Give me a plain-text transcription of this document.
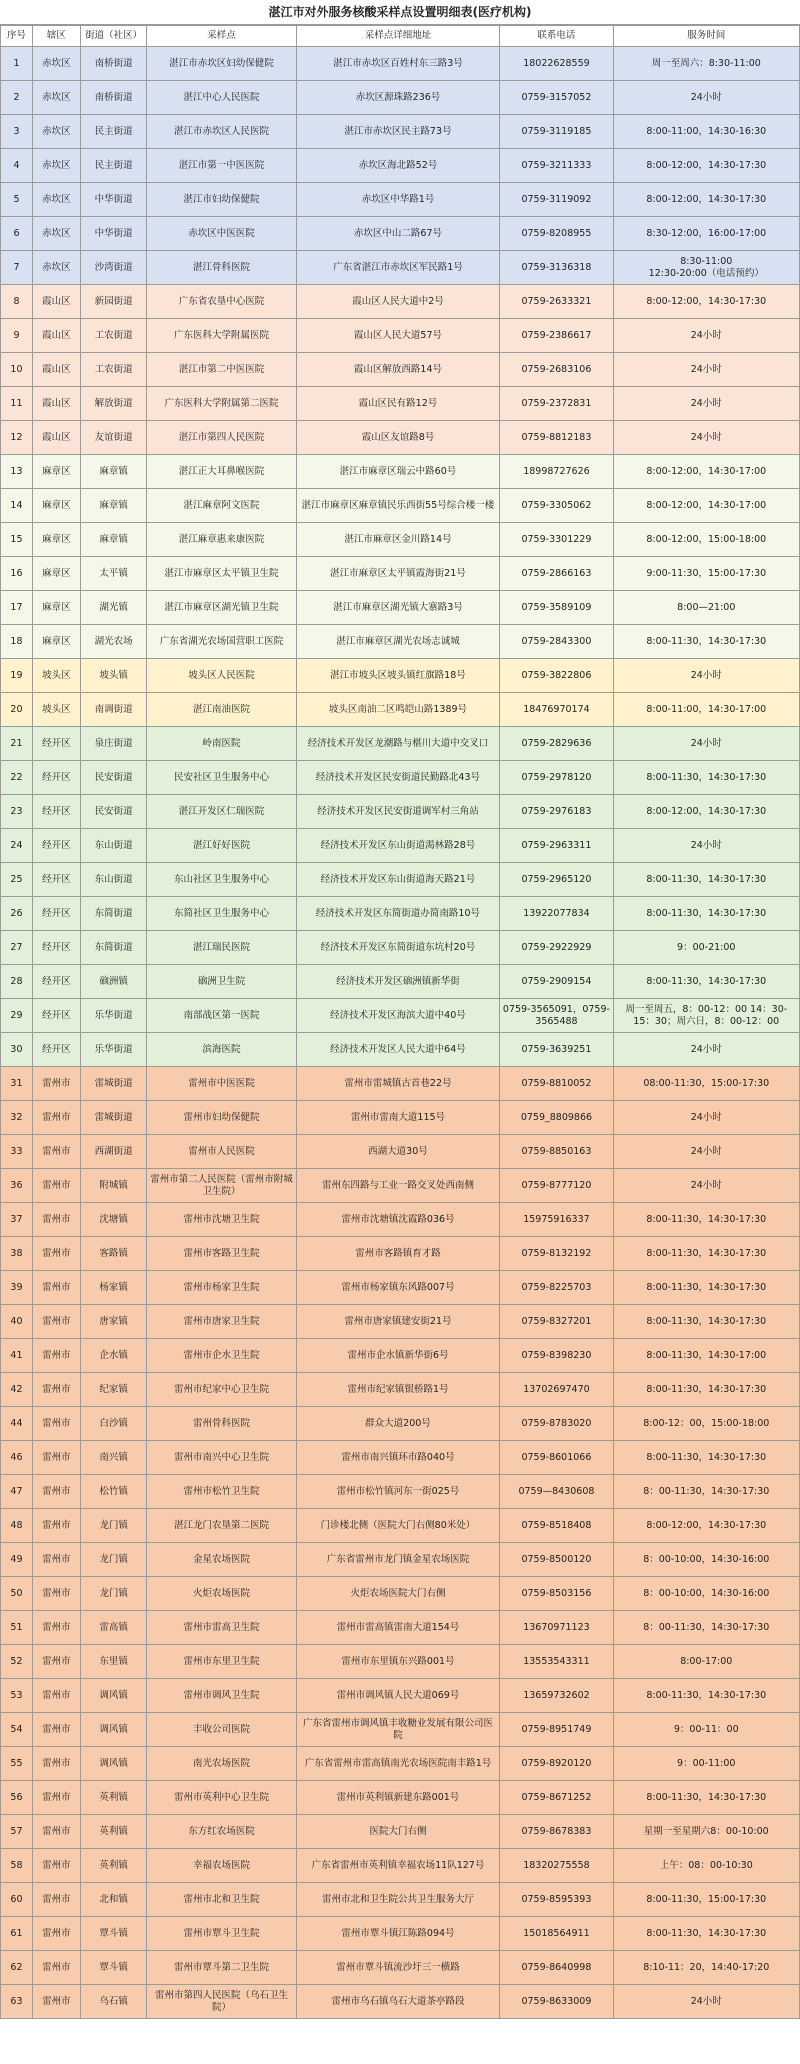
湛江市对外服务核酸采样点设置明细表(医疗机构)
序号	辖区	街道（社区）	采样点	采样点详细地址	联系电话	服务时间
1	赤坎区	南桥街道	湛江市赤坎区妇幼保健院	湛江市赤坎区百姓村东三路3号	18022628559	周一至周六：8:30-11:00
2	赤坎区	南桥街道	湛江中心人民医院	赤坎区源珠路236号	0759-3157052	24小时
3	赤坎区	民主街道	湛江市赤坎区人民医院	湛江市赤坎区民主路73号	0759-3119185	8:00-11:00，14:30-16:30
4	赤坎区	民主街道	湛江市第一中医医院	赤坎区海北路52号	0759-3211333	8:00-12:00，14:30-17:30
5	赤坎区	中华街道	湛江市妇幼保健院	赤坎区中华路1号	0759-3119092	8:00-12:00，14:30-17:30
6	赤坎区	中华街道	赤坎区中医医院	赤坎区中山二路67号	0759-8208955	8:30-12:00，16:00-17:00
7	赤坎区	沙湾街道	湛江骨科医院	广东省湛江市赤坎区军民路1号	0759-3136318	8:30-11:00
12:30-20:00（电话预约）
8	霞山区	新园街道	广东省农垦中心医院	霞山区人民大道中2号	0759-2633321	8:00-12:00，14:30-17:30
9	霞山区	工农街道	广东医科大学附属医院	霞山区人民大道57号	0759-2386617	24小时
10	霞山区	工农街道	湛江市第二中医医院	霞山区解放西路14号	0759-2683106	24小时
11	霞山区	解放街道	广东医科大学附属第二医院	霞山区民有路12号	0759-2372831	24小时
12	霞山区	友谊街道	湛江市第四人民医院	霞山区友谊路8号	0759-8812183	24小时
13	麻章区	麻章镇	湛江正大耳鼻喉医院	湛江市麻章区瑞云中路60号	18998727626	8:00-12:00，14:30-17:00
14	麻章区	麻章镇	湛江麻章阿文医院	湛江市麻章区麻章镇民乐西街55号综合楼一楼	0759-3305062	8:00-12:00，14:30-17:00
15	麻章区	麻章镇	湛江麻章惠来康医院	湛江市麻章区金川路14号	0759-3301229	8:00-12:00，15:00-18:00
16	麻章区	太平镇	湛江市麻章区太平镇卫生院	湛江市麻章区太平镇霞海街21号	0759-2866163	9:00-11:30，15:00-17:30
17	麻章区	湖光镇	湛江市麻章区湖光镇卫生院	湛江市麻章区湖光镇大寨路3号	0759-3589109	8:00—21:00
18	麻章区	湖光农场	广东省湖光农场国营职工医院	湛江市麻章区湖光农场志诚城	0759-2843300	8:00-11:30，14:30-17:30
19	坡头区	坡头镇	坡头区人民医院	湛江市坡头区坡头镇红旗路18号	0759-3822806	24小时
20	坡头区	南调街道	湛江南油医院	坡头区南油二区鸣皑山路1389号	18476970174	8:00-11:00，14:30-17:00
21	经开区	泉庄街道	岭南医院	经济技术开发区龙潮路与椹川大道中交叉口	0759-2829636	24小时
22	经开区	民安街道	民安社区卫生服务中心	经济技术开发区民安街道民勤路北43号	0759-2978120	8:00-11:30，14:30-17:30
23	经开区	民安街道	湛江开发区仁瑞医院	经济技术开发区民安街道调军村三角站	0759-2976183	8:00-12:00，14:30-17:30
24	经开区	东山街道	湛江好好医院	经济技术开发区东山街道渴林路28号	0759-2963311	24小时
25	经开区	东山街道	东山社区卫生服务中心	经济技术开发区东山街道海天路21号	0759-2965120	8:00-11:30，14:30-17:30
26	经开区	东简街道	东简社区卫生服务中心	经济技术开发区东简街道办简南路10号	13922077834	8:00-11:30，14:30-17:30
27	经开区	东简街道	湛江瑞民医院	经济技术开发区东简街道东坑村20号	0759-2922929	9：00-21:00
28	经开区	硇洲镇	硇洲卫生院	经济技术开发区硇洲镇新华街	0759-2909154	8:00-11:30，14:30-17:30
29	经开区	乐华街道	南部战区第一医院	经济技术开发区海滨大道中40号	0759-3565091，0759-3565488	周一至周五，8：00-12：00 14：30-15：30；周六日，8：00-12：00
30	经开区	乐华街道	滨海医院	经济技术开发区人民大道中64号	0759-3639251	24小时
31	雷州市	雷城街道	雷州市中医医院	雷州市雷城镇古首巷22号	0759-8810052	08:00-11:30，15:00-17:30
32	雷州市	雷城街道	雷州市妇幼保健院	雷州市雷南大道115号	0759_8809866	24小时
33	雷州市	西湖街道	雷州市人民医院	西湖大道30号	0759-8850163	24小时
36	雷州市	附城镇	雷州市第二人民医院（雷州市附城卫生院）	雷州东四路与工业一路交叉处西南侧	0759-8777120	24小时
37	雷州市	沈塘镇	雷州市沈塘卫生院	雷州市沈塘镇沈霞路036号	15975916337	8:00-11:30，14:30-17:30
38	雷州市	客路镇	雷州市客路卫生院	雷州市客路镇育才路	0759-8132192	8:00-11:30，14:30-17:30
39	雷州市	杨家镇	雷州市杨家卫生院	雷州市杨家镇东风路007号	0759-8225703	8:00-11:30，14:30-17:30
40	雷州市	唐家镇	雷州市唐家卫生院	雷州市唐家镇建安街21号	0759-8327201	8:00-11:30，14:30-17:30
41	雷州市	企水镇	雷州市企水卫生院	雷州市企水镇新华街6号	0759-8398230	8:00-11:30，14:30-17:00
42	雷州市	纪家镇	雷州市纪家中心卫生院	雷州市纪家镇银桥路1号	13702697470	8:00-11:30，14:30-17:30
44	雷州市	白沙镇	雷州骨科医院	群众大道200号	0759-8783020	8:00-12：00，15:00-18:00
46	雷州市	南兴镇	雷州市南兴中心卫生院	雷州市南兴镇环市路040号	0759-8601066	8:00-11:30，14:30-17:30
47	雷州市	松竹镇	雷州市松竹卫生院	雷州市松竹镇河东一街025号	0759—8430608	8：00-11:30，14:30-17:30
48	雷州市	龙门镇	湛江龙门农垦第二医院	门诊楼北侧（医院大门右侧80米处）	0759-8518408	8:00-12:00，14:30-17:30
49	雷州市	龙门镇	金星农场医院	广东省雷州市龙门镇金星农场医院	0759-8500120	8：00-10:00，14:30-16:00
50	雷州市	龙门镇	火炬农场医院	火炬农场医院大门右侧	0759-8503156	8：00-10:00，14:30-16:00
51	雷州市	雷高镇	雷州市雷高卫生院	雷州市雷高镇雷南大道154号	13670971123	8：00-11:30，14:30-17:30
52	雷州市	东里镇	雷州市东里卫生院	雷州市东里镇东兴路001号	13553543311	8:00-17:00
53	雷州市	调风镇	雷州市调风卫生院	雷州市调风镇人民大道069号	13659732602	8:00-11:30，14:30-17:30
54	雷州市	调风镇	丰收公司医院	广东省雷州市调风镇丰收糖业发展有限公司医院	0759-8951749	9：00-11：00
55	雷州市	调风镇	南光农场医院	广东省雷州市雷高镇南光农场医院南丰路1号	0759-8920120	9：00-11:00
56	雷州市	英利镇	雷州市英利中心卫生院	雷州市英利镇新建东路001号	0759-8671252	8:00-11:30，14:30-17:30
57	雷州市	英利镇	东方红农场医院	医院大门右侧	0759-8678383	星期一至星期六8：00-10:00
58	雷州市	英利镇	幸福农场医院	广东省雷州市英利镇幸福农场11队127号	18320275558	上午：08：00-10:30
60	雷州市	北和镇	雷州市北和卫生院	雷州市北和卫生院公共卫生服务大厅	0759-8595393	8:00-11:30，15:00-17:30
61	雷州市	覃斗镇	雷州市覃斗卫生院	雷州市覃斗镇江陈路094号	15018564911	8:00-11:30，14:30-17:30
62	雷州市	覃斗镇	雷州市覃斗第二卫生院	雷州市覃斗镇流沙圩三一横路	0759-8640998	8:10-11：20，14:40-17:20
63	雷州市	乌石镇	雷州市第四人民医院（乌石卫生院）	雷州市乌石镇乌石大道茶亭路段	0759-8633009	24小时
